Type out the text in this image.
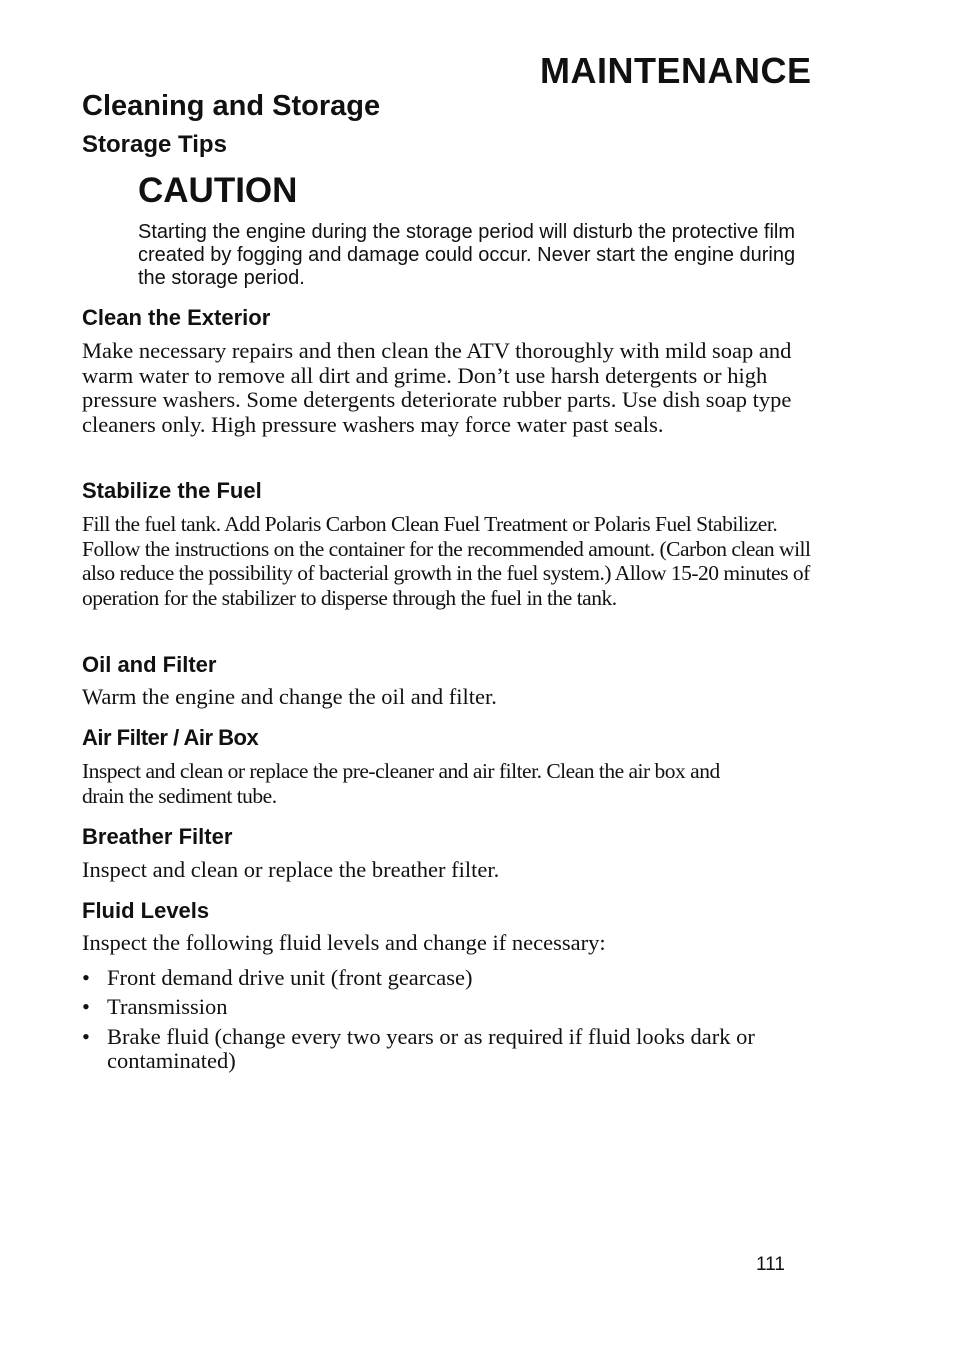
MAINTENANCE
Cleaning and Storage
Storage Tips
CAUTION

Starting the engine during the storage period will disturb the protective film created by fogging and damage could occur. Never start the engine during the storage period.

Clean the Exterior

Make necessary repairs and then clean the ATV thoroughly with mild soap and warm water to remove all dirt and grime. Don’t use harsh detergents or high pressure washers. Some detergents deteriorate rubber parts. Use dish soap type cleaners only. High pressure washers may force water past seals.

Stabilize the Fuel

Fill the fuel tank. Add Polaris Carbon Clean Fuel Treatment or Polaris Fuel Stabilizer. Follow the instructions on the container for the recommended amount. (Carbon clean will also reduce the possibility of bacterial growth in the fuel system.) Allow 15-20 minutes of operation for the stabilizer to disperse through the fuel in the tank.

Oil and Filter

Warm the engine and change the oil and filter.

Air Filter / Air Box

Inspect and clean or replace the pre-cleaner and air filter. Clean the air box and drain the sediment tube.

Breather Filter

Inspect and clean or replace the breather filter.

Fluid Levels

Inspect the following fluid levels and change if necessary:

• Front demand drive unit (front gearcase)
• Transmission
• Brake fluid (change every two years or as required if fluid looks dark or contaminated)
111
